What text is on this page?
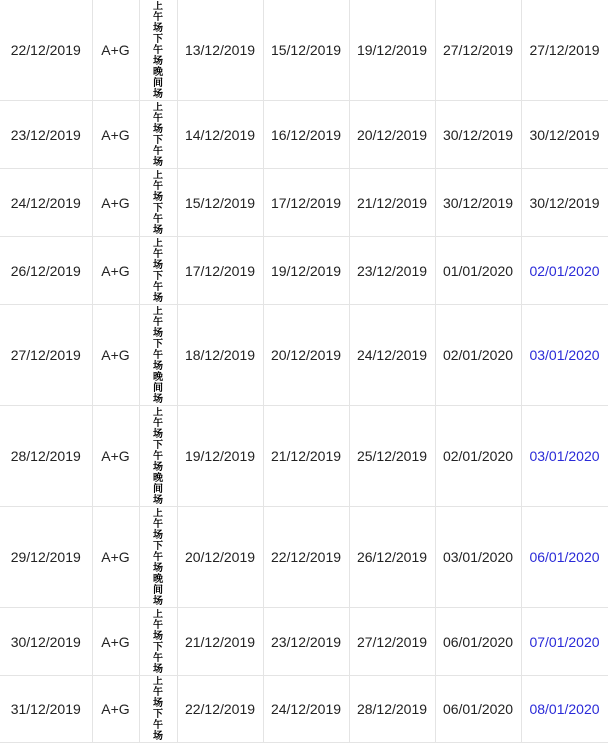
22/12/2019	A+G	上午场下午场晚间场	13/12/2019	15/12/2019	19/12/2019	27/12/2019	27/12/2019
23/12/2019	A+G	上午场下午场	14/12/2019	16/12/2019	20/12/2019	30/12/2019	30/12/2019
24/12/2019	A+G	上午场下午场	15/12/2019	17/12/2019	21/12/2019	30/12/2019	30/12/2019
26/12/2019	A+G	上午场下午场	17/12/2019	19/12/2019	23/12/2019	01/01/2020	02/01/2020
27/12/2019	A+G	上午场下午场晚间场	18/12/2019	20/12/2019	24/12/2019	02/01/2020	03/01/2020
28/12/2019	A+G	上午场下午场晚间场	19/12/2019	21/12/2019	25/12/2019	02/01/2020	03/01/2020
29/12/2019	A+G	上午场下午场晚间场	20/12/2019	22/12/2019	26/12/2019	03/01/2020	06/01/2020
30/12/2019	A+G	上午场下午场	21/12/2019	23/12/2019	27/12/2019	06/01/2020	07/01/2020
31/12/2019	A+G	上午场下午场	22/12/2019	24/12/2019	28/12/2019	06/01/2020	08/01/2020
